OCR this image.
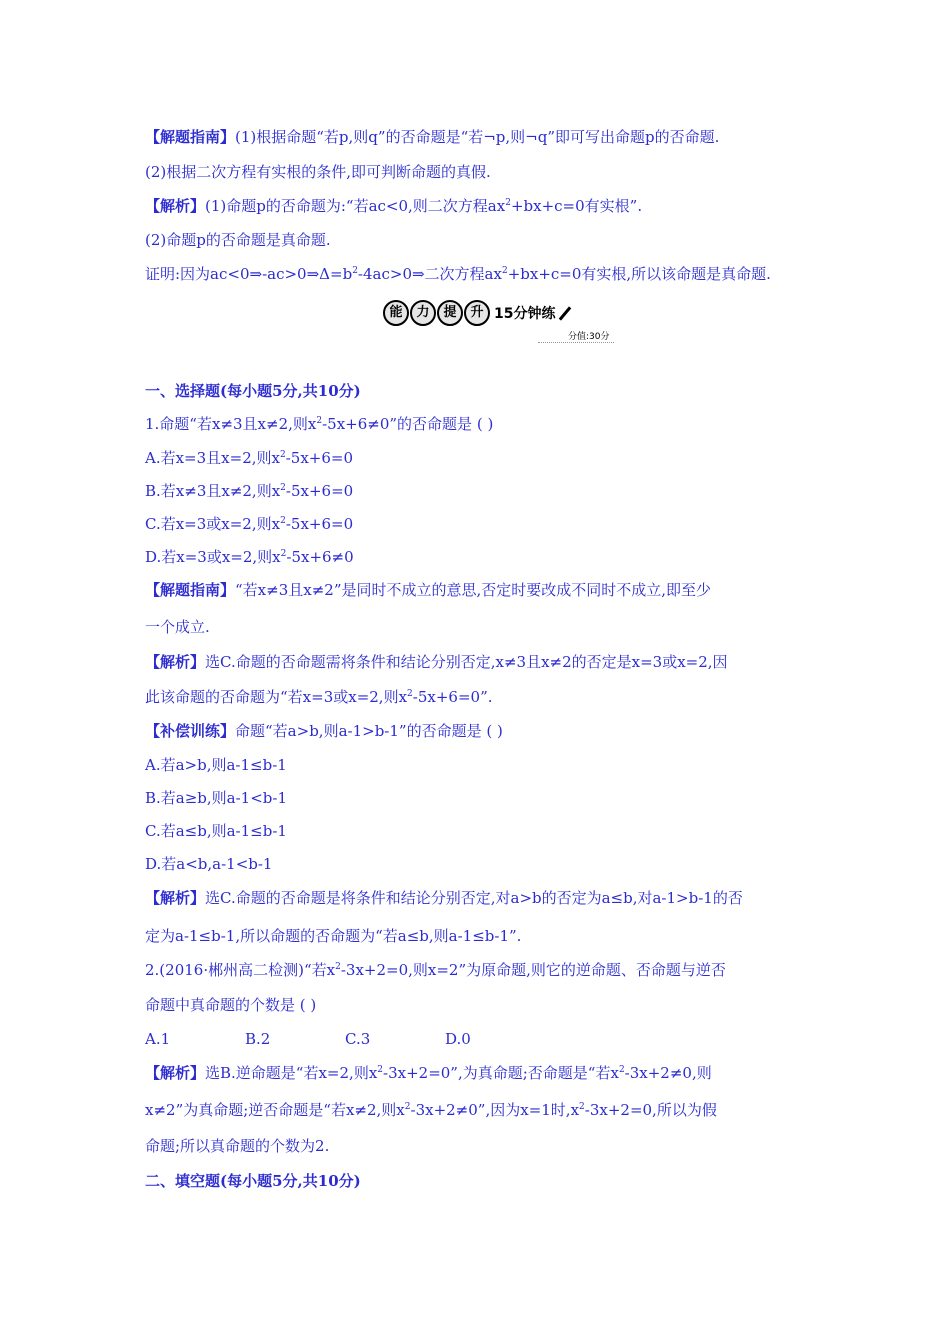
【解题指南】(1)根据命题“若p,则q”的否命题是“若¬p,则¬q”即可写出命题p的否命题.
(2)根据二次方程有实根的条件,即可判断命题的真假.
【解析】(1)命题p的否命题为:“若ac<0,则二次方程$ax^2+bx+c=0$有实根”.
(2)命题p的否命题是真命题.
证明:因为$ac<0\Rightarrow-ac>0\Rightarrow\Delta=b^2-4ac>0\Rightarrow$二次方程$ax^2+bx+c=0$有实根,所以该命题是真命题.
能 力 提 升 15分钟练
分值:30分
一、选择题(每小题5分,共10分)
1.命题“若x≠3且x≠2,则$x^2-5x+6\ne 0$”的否命题是 ( )
A.若x=3且x=2,则$x^2-5x+6=0$
B.若x≠3且x≠2,则$x^2-5x+6=0$
C.若x=3或x=2,则$x^2-5x+6=0$
D.若x=3或x=2,则$x^2-5x+6\ne 0$
【解题指南】“若x≠3且x≠2”是同时不成立的意思,否定时要改成不同时不成立,即至少
一个成立.
【解析】选C.命题的否命题需将条件和结论分别否定,x≠3且x≠2的否定是x=3或x=2,因
此该命题的否命题为“若x=3或x=2,则$x^2-5x+6=0$”.
【补偿训练】命题“若a>b,则a-1>b-1”的否命题是 ( )
A.若a>b,则a-1≤b-1
B.若a≥b,则a-1<b-1
C.若a≤b,则a-1≤b-1
D.若a<b,a-1<b-1
【解析】选C.命题的否命题是将条件和结论分别否定,对a>b的否定为a≤b,对a-1>b-1的否
定为a-1≤b-1,所以命题的否命题为“若a≤b,则a-1≤b-1”.
2.(2016·郴州高二检测)“若$x^2-3x+2=0$,则x=2”为原命题,则它的逆命题、否命题与逆否
命题中真命题的个数是 ( )
A.1	B.2	C.3	D.0
【解析】选B.逆命题是“若x=2,则$x^2-3x+2=0$”,为真命题;否命题是“若$x^2-3x+2\ne 0$,则
x≠2”为真命题;逆否命题是“若x≠2,则$x^2-3x+2\ne 0$”,因为x=1时$,x^2-3x+2=0$,所以为假
命题;所以真命题的个数为2.
二、填空题(每小题5分,共10分)
